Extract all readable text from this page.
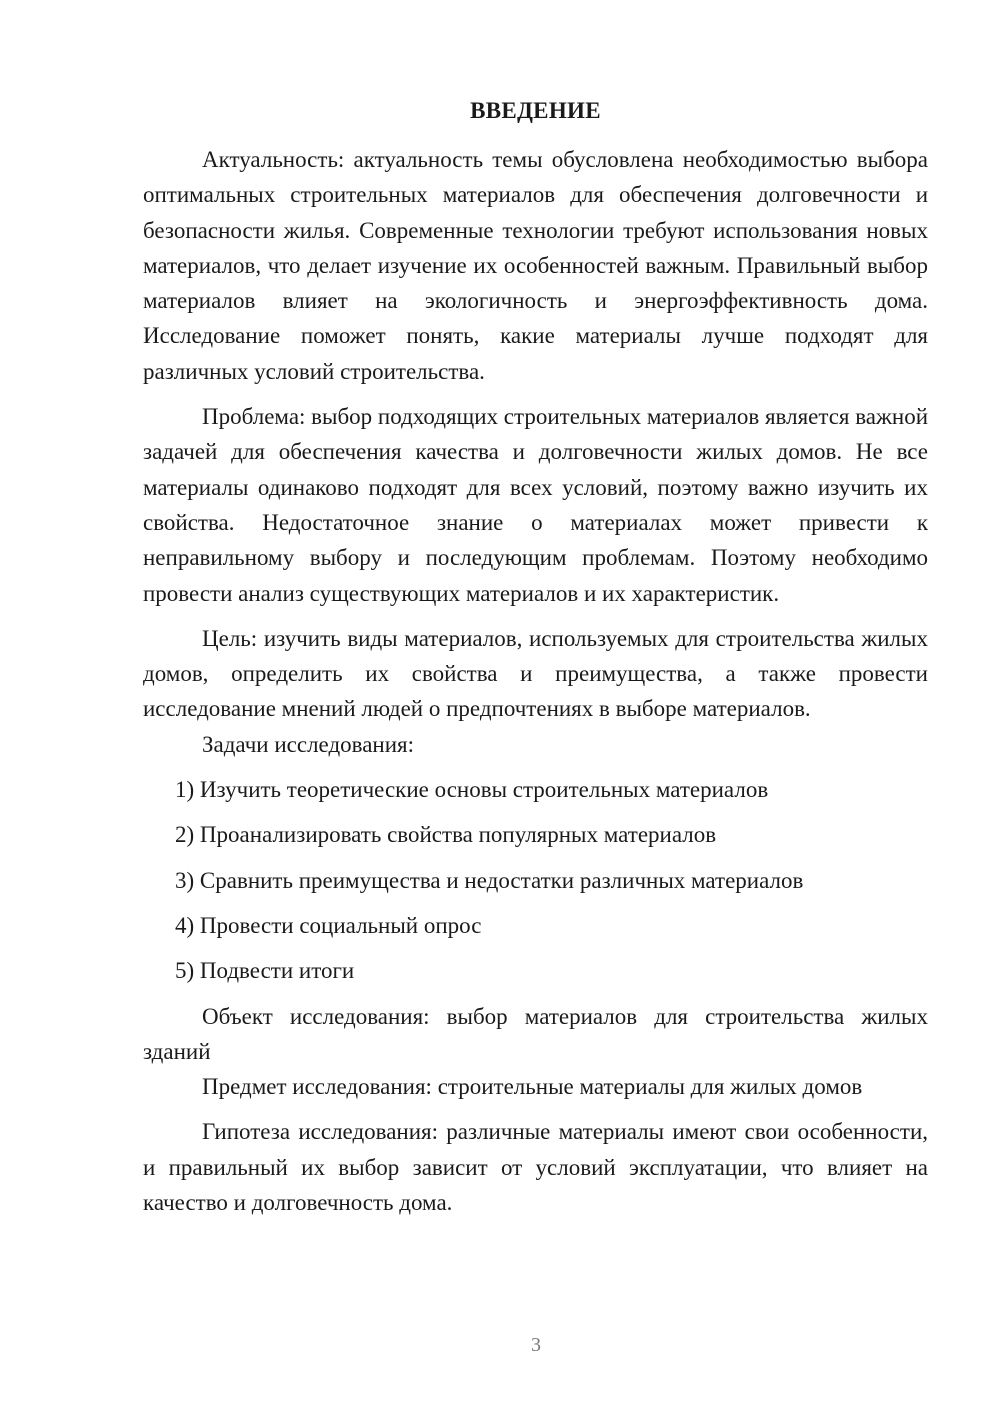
ВВЕДЕНИЕ

Актуальность: актуальность темы обусловлена необходимостью выбора оптимальных строительных материалов для обеспечения долговечности и безопасности жилья. Современные технологии требуют использования новых материалов, что делает изучение их особенностей важным. Правильный выбор материалов влияет на экологичность и энергоэффективность дома. Исследование поможет понять, какие материалы лучше подходят для различных условий строительства.

Проблема: выбор подходящих строительных материалов является важной задачей для обеспечения качества и долговечности жилых домов. Не все материалы одинаково подходят для всех условий, поэтому важно изучить их свойства. Недостаточное знание о материалах может привести к неправильному выбору и последующим проблемам. Поэтому необходимо провести анализ существующих материалов и их характеристик.

Цель: изучить виды материалов, используемых для строительства жилых домов, определить их свойства и преимущества, а также провести исследование мнений людей о предпочтениях в выборе материалов.

Задачи исследования:

1) Изучить теоретические основы строительных материалов

2) Проанализировать свойства популярных материалов

3) Сравнить преимущества и недостатки различных материалов

4) Провести социальный опрос

5) Подвести итоги

Объект исследования: выбор материалов для строительства жилых зданий

Предмет исследования: строительные материалы для жилых домов

Гипотеза исследования: различные материалы имеют свои особенности, и правильный их выбор зависит от условий эксплуатации, что влияет на качество и долговечность дома.

3
